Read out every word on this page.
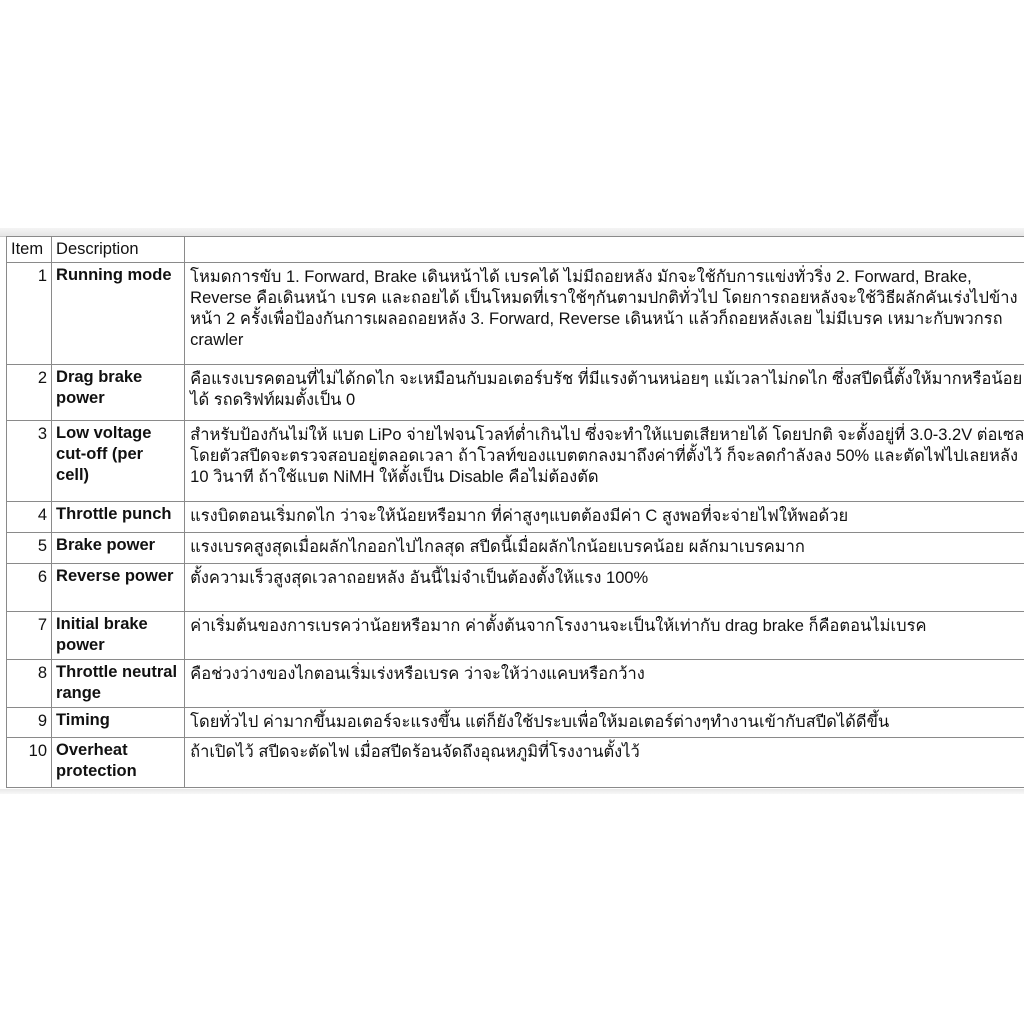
Item	Description	
1	Running mode	โหมดการขับ 1. Forward, Brake เดินหน้าได้ เบรคได้ ไม่มีถอยหลัง มักจะใช้กับการแข่งทั่วริ่ง 2. Forward, Brake, Reverse คือเดินหน้า เบรค และถอยได้ เป็นโหมดที่เราใช้ๆกันตามปกติทั่วไป โดยการถอยหลังจะใช้วิธีผลักคันเร่งไปข้างหน้า 2 ครั้งเพื่อป้องกันการเผลอถอยหลัง 3. Forward, Reverse เดินหน้า แล้วก็ถอยหลังเลย ไม่มีเบรค เหมาะกับพวกรถ crawler
2	Drag brake power	คือแรงเบรคตอนที่ไม่ได้กดไก จะเหมือนกับมอเตอร์บรัช ที่มีแรงต้านหน่อยๆ แม้เวลาไม่กดไก ซึ่งสปีดนี้ตั้งให้มากหรือน้อยได้ รถดริฟท์ผมตั้งเป็น 0
3	Low voltage cut-off (per cell)	สำหรับป้องกันไม่ให้ แบต LiPo จ่ายไฟจนโวลท์ต่ำเกินไป ซึ่งจะทำให้แบตเสียหายได้ โดยปกติ จะตั้งอยู่ที่ 3.0-3.2V ต่อเซล โดยตัวสปีดจะตรวจสอบอยู่ตลอดเวลา ถ้าโวลท์ของแบตตกลงมาถึงค่าที่ตั้งไว้ ก็จะลดกำลังลง 50% และตัดไฟไปเลยหลัง 10 วินาที ถ้าใช้แบต NiMH ให้ตั้งเป็น Disable คือไม่ต้องตัด
4	Throttle punch	แรงบิดตอนเริ่มกดไก ว่าจะให้น้อยหรือมาก ที่ค่าสูงๆแบตต้องมีค่า C สูงพอที่จะจ่ายไฟให้พอด้วย
5	Brake power	แรงเบรคสูงสุดเมื่อผลักไกออกไปไกลสุด สปีดนี้เมื่อผลักไกน้อยเบรคน้อย ผลักมาเบรคมาก
6	Reverse power	ตั้งความเร็วสูงสุดเวลาถอยหลัง อันนี้ไม่จำเป็นต้องตั้งให้แรง 100%
7	Initial brake power	ค่าเริ่มต้นของการเบรคว่าน้อยหรือมาก ค่าตั้งต้นจากโรงงานจะเป็นให้เท่ากับ drag brake ก็คือตอนไม่เบรค
8	Throttle neutral range	คือช่วงว่างของไกตอนเริ่มเร่งหรือเบรค ว่าจะให้ว่างแคบหรือกว้าง
9	Timing	โดยทั่วไป ค่ามากขึ้นมอเตอร์จะแรงขึ้น แต่ก็ยังใช้ประบเพื่อให้มอเตอร์ต่างๆทำงานเข้ากับสปีดได้ดีขึ้น
10	Overheat protection	ถ้าเปิดไว้ สปีดจะตัดไฟ เมื่อสปีดร้อนจัดถึงอุณหภูมิที่โรงงานตั้งไว้
